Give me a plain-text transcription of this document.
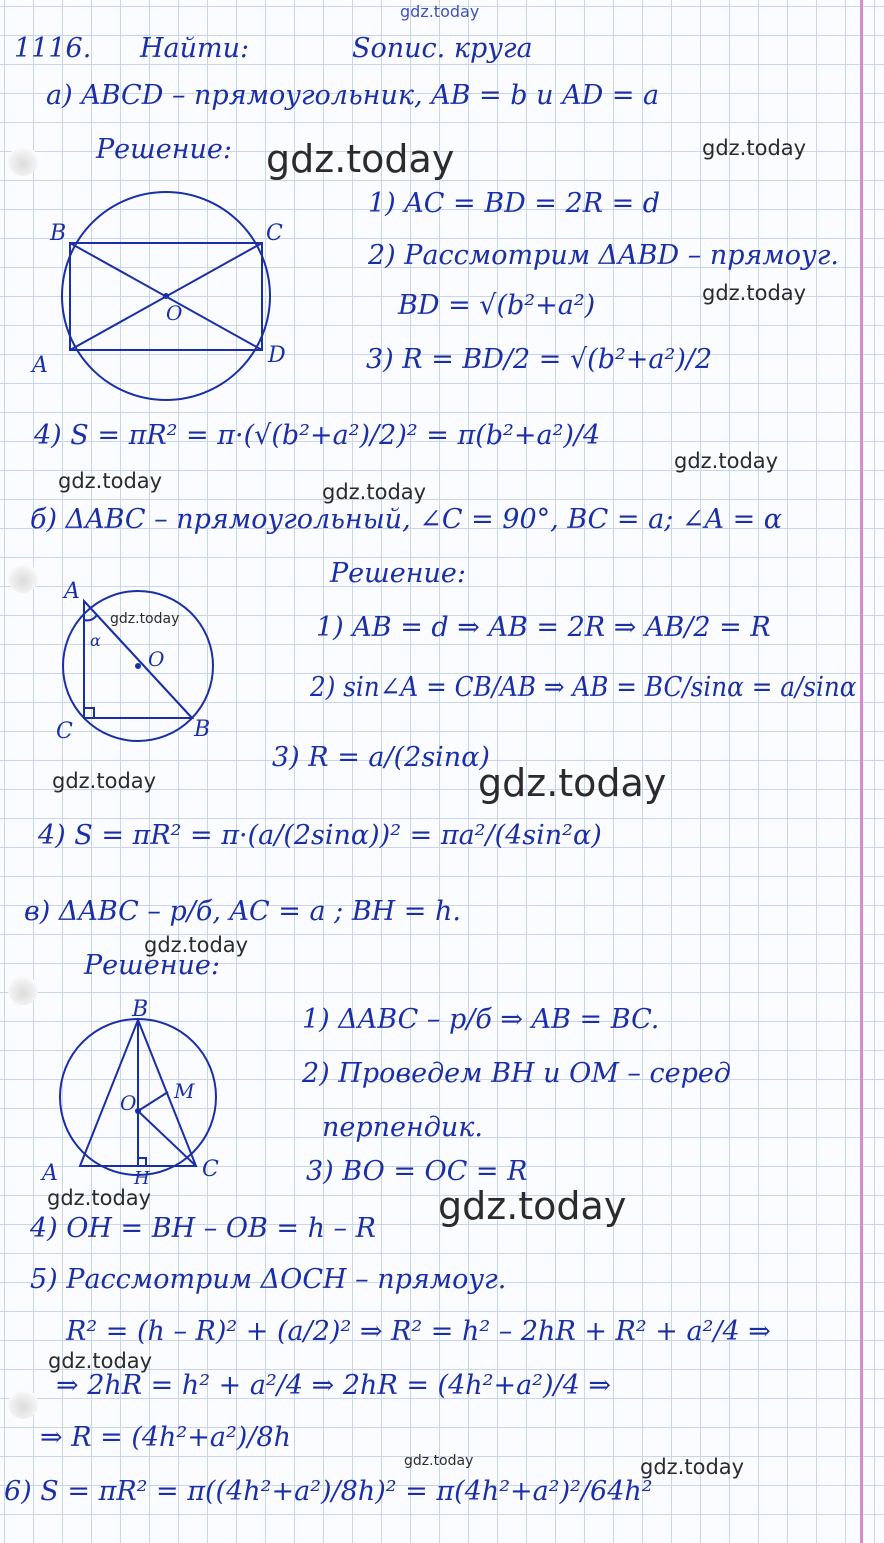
gdz.today
gdz.today	gdz.today
gdz.today
gdz.today	gdz.today
gdz.today
gdz.today
gdz.today
gdz.today
gdz.today
gdz.today	gdz.today
gdz.today
gdz.today	gdz.today
1116. Найти:	Sопис. круга
а) ABCD – прямоугольник, AB = b и AD = a
Решение:
1) AC = BD = 2R = d
2) Рассмотрим ΔABD – прямоуг.
BD = √(b²+a²)
3) R = BD/2 = √(b²+a²)/2
4) S = πR² = π·(√(b²+a²)/2)² = π(b²+a²)/4
б) ΔABC – прямоугольный, ∠C = 90°, BC = a; ∠A = α
Решение:
1) AB = d ⇒ AB = 2R ⇒ AB/2 = R
2) sin∠A = CB/AB ⇒ AB = BC/sinα = a/sinα
3) R = a/(2sinα)
4) S = πR² = π·(a/(2sinα))² = πa²/(4sin²α)
в) ΔABC – р/б, AC = a ; BH = h.
Решение:
1) ΔABC – р/б ⇒ AB = BC.
2) Проведем BH и OM – серед
перпендик.
3) BO = OC = R
4) OH = BH – OB = h – R
5) Рассмотрим ΔOCH – прямоуг.
R² = (h – R)² + (a/2)² ⇒ R² = h² – 2hR + R² + a²/4 ⇒
⇒ 2hR = h² + a²/4 ⇒ 2hR = (4h²+a²)/4 ⇒
⇒ R = (4h²+a²)/8h
6) S = πR² = π((4h²+a²)/8h)² = π(4h²+a²)²/64h²
B	C
A	D
O
A
C	B
O
α
B
M
O
A	H C
